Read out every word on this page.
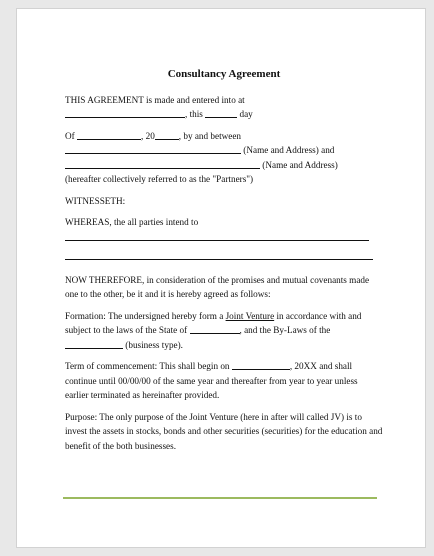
Consultancy Agreement

THIS AGREEMENT is made and entered into at

, this	day

Of	, 20	, by and between

(Name and Address) and

(Name and Address)

(hereafter collectively referred to as the "Partners")

WITNESSETH:

WHEREAS, the all parties intend to

NOW THEREFORE, in consideration of the promises and mutual covenants made one to the other, be it and it is hereby agreed as follows:

Formation: The undersigned hereby form a Joint Venture in accordance with and subject to the laws of the State of	, and the By-Laws of the  (business type).

Term of commencement: This shall begin on	, 20XX and shall continue until 00/00/00 of the same year and thereafter from year to year unless earlier terminated as hereinafter provided.

Purpose: The only purpose of the Joint Venture (here in after will called JV) is to invest the assets in stocks, bonds and other securities (securities) for the education and benefit of the both businesses.
